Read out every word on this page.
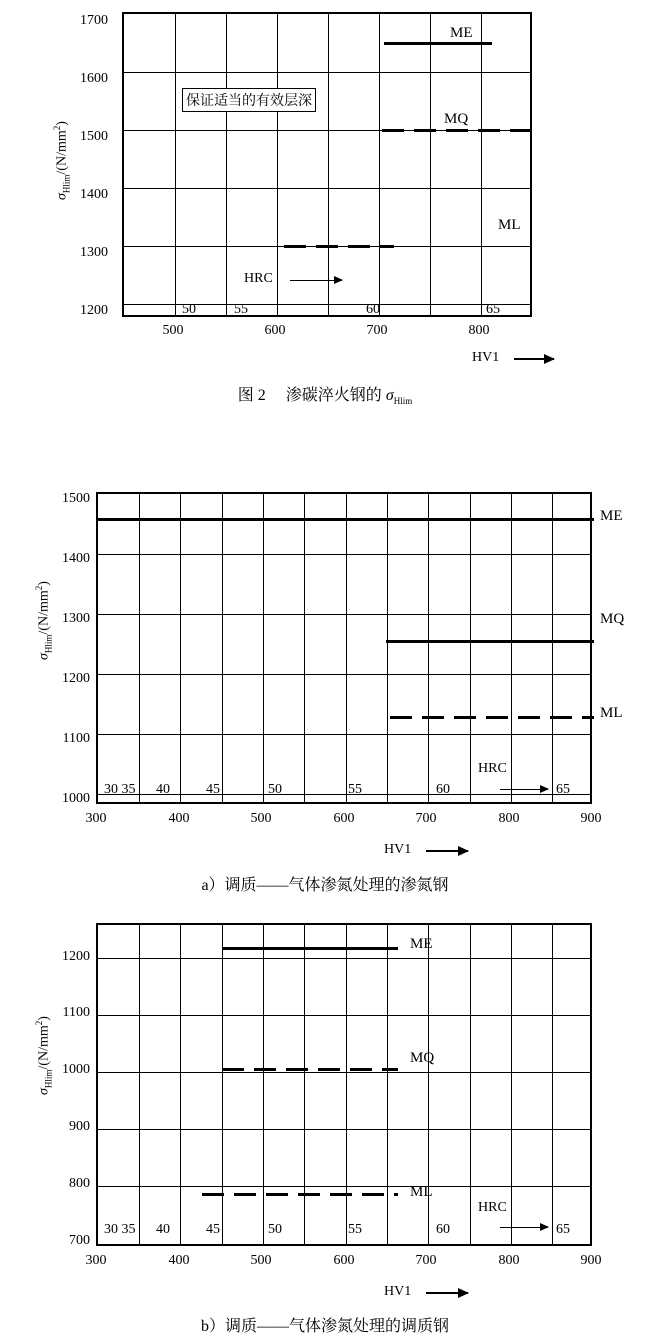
$\sigma_{Hlim}/(N/mm^2)$
1700
1600
1500
1400
1300
1200
保证适当的有效层深
HRC
50	55	60	65
ME
MQ
ML
500	600	700	800
HV1
图 2 渗碳淬火钢的 $\sigma_{Hlim}$
$\sigma_{Hlim}/(N/mm^2)$
1500
1400
1300
1200
1100
1000
HRC
30 35 40	45	50	55	60	65
ME
MQ
ML
300	400	500	600	700	800	900
HV1
a）调质——气体渗氮处理的渗氮钢
$\sigma_{Hlim}/(N/mm^2)$
1200
1100
1000
900
800
700
HRC
30 35 40	45	50	55	60	65
ME
MQ
ML
300	400	500	600	700	800	900
HV1
b）调质——气体渗氮处理的调质钢
